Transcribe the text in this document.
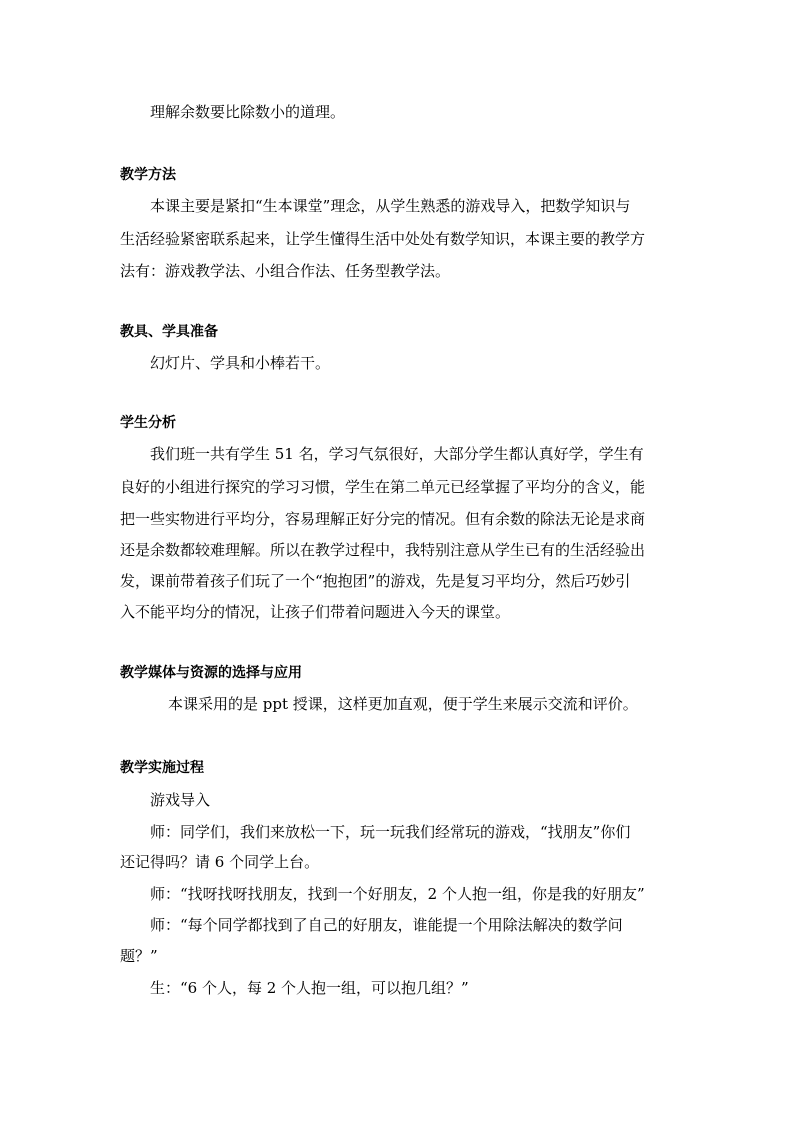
理解余数要比除数小的道理。
教学方法
本课主要是紧扣“生本课堂”理念，从学生熟悉的游戏导入，把数学知识与
生活经验紧密联系起来，让学生懂得生活中处处有数学知识，本课主要的教学方
法有：游戏教学法、小组合作法、任务型教学法。
教具、学具准备
幻灯片、学具和小棒若干。
学生分析
我们班一共有学生 51 名，学习气氛很好，大部分学生都认真好学，学生有
良好的小组进行探究的学习习惯，学生在第二单元已经掌握了平均分的含义，能
把一些实物进行平均分，容易理解正好分完的情况。但有余数的除法无论是求商
还是余数都较难理解。所以在教学过程中，我特别注意从学生已有的生活经验出
发，课前带着孩子们玩了一个“抱抱团”的游戏，先是复习平均分，然后巧妙引
入不能平均分的情况，让孩子们带着问题进入今天的课堂。
教学媒体与资源的选择与应用
本课采用的是 ppt 授课，这样更加直观，便于学生来展示交流和评价。
教学实施过程
游戏导入
师：同学们，我们来放松一下，玩一玩我们经常玩的游戏，“找朋友”你们
还记得吗？请 6 个同学上台。
师：“找呀找呀找朋友，找到一个好朋友，2 个人抱一组，你是我的好朋友”
师：“每个同学都找到了自己的好朋友，谁能提一个用除法解决的数学问
题？”
生：“6 个人，每 2 个人抱一组，可以抱几组？”
